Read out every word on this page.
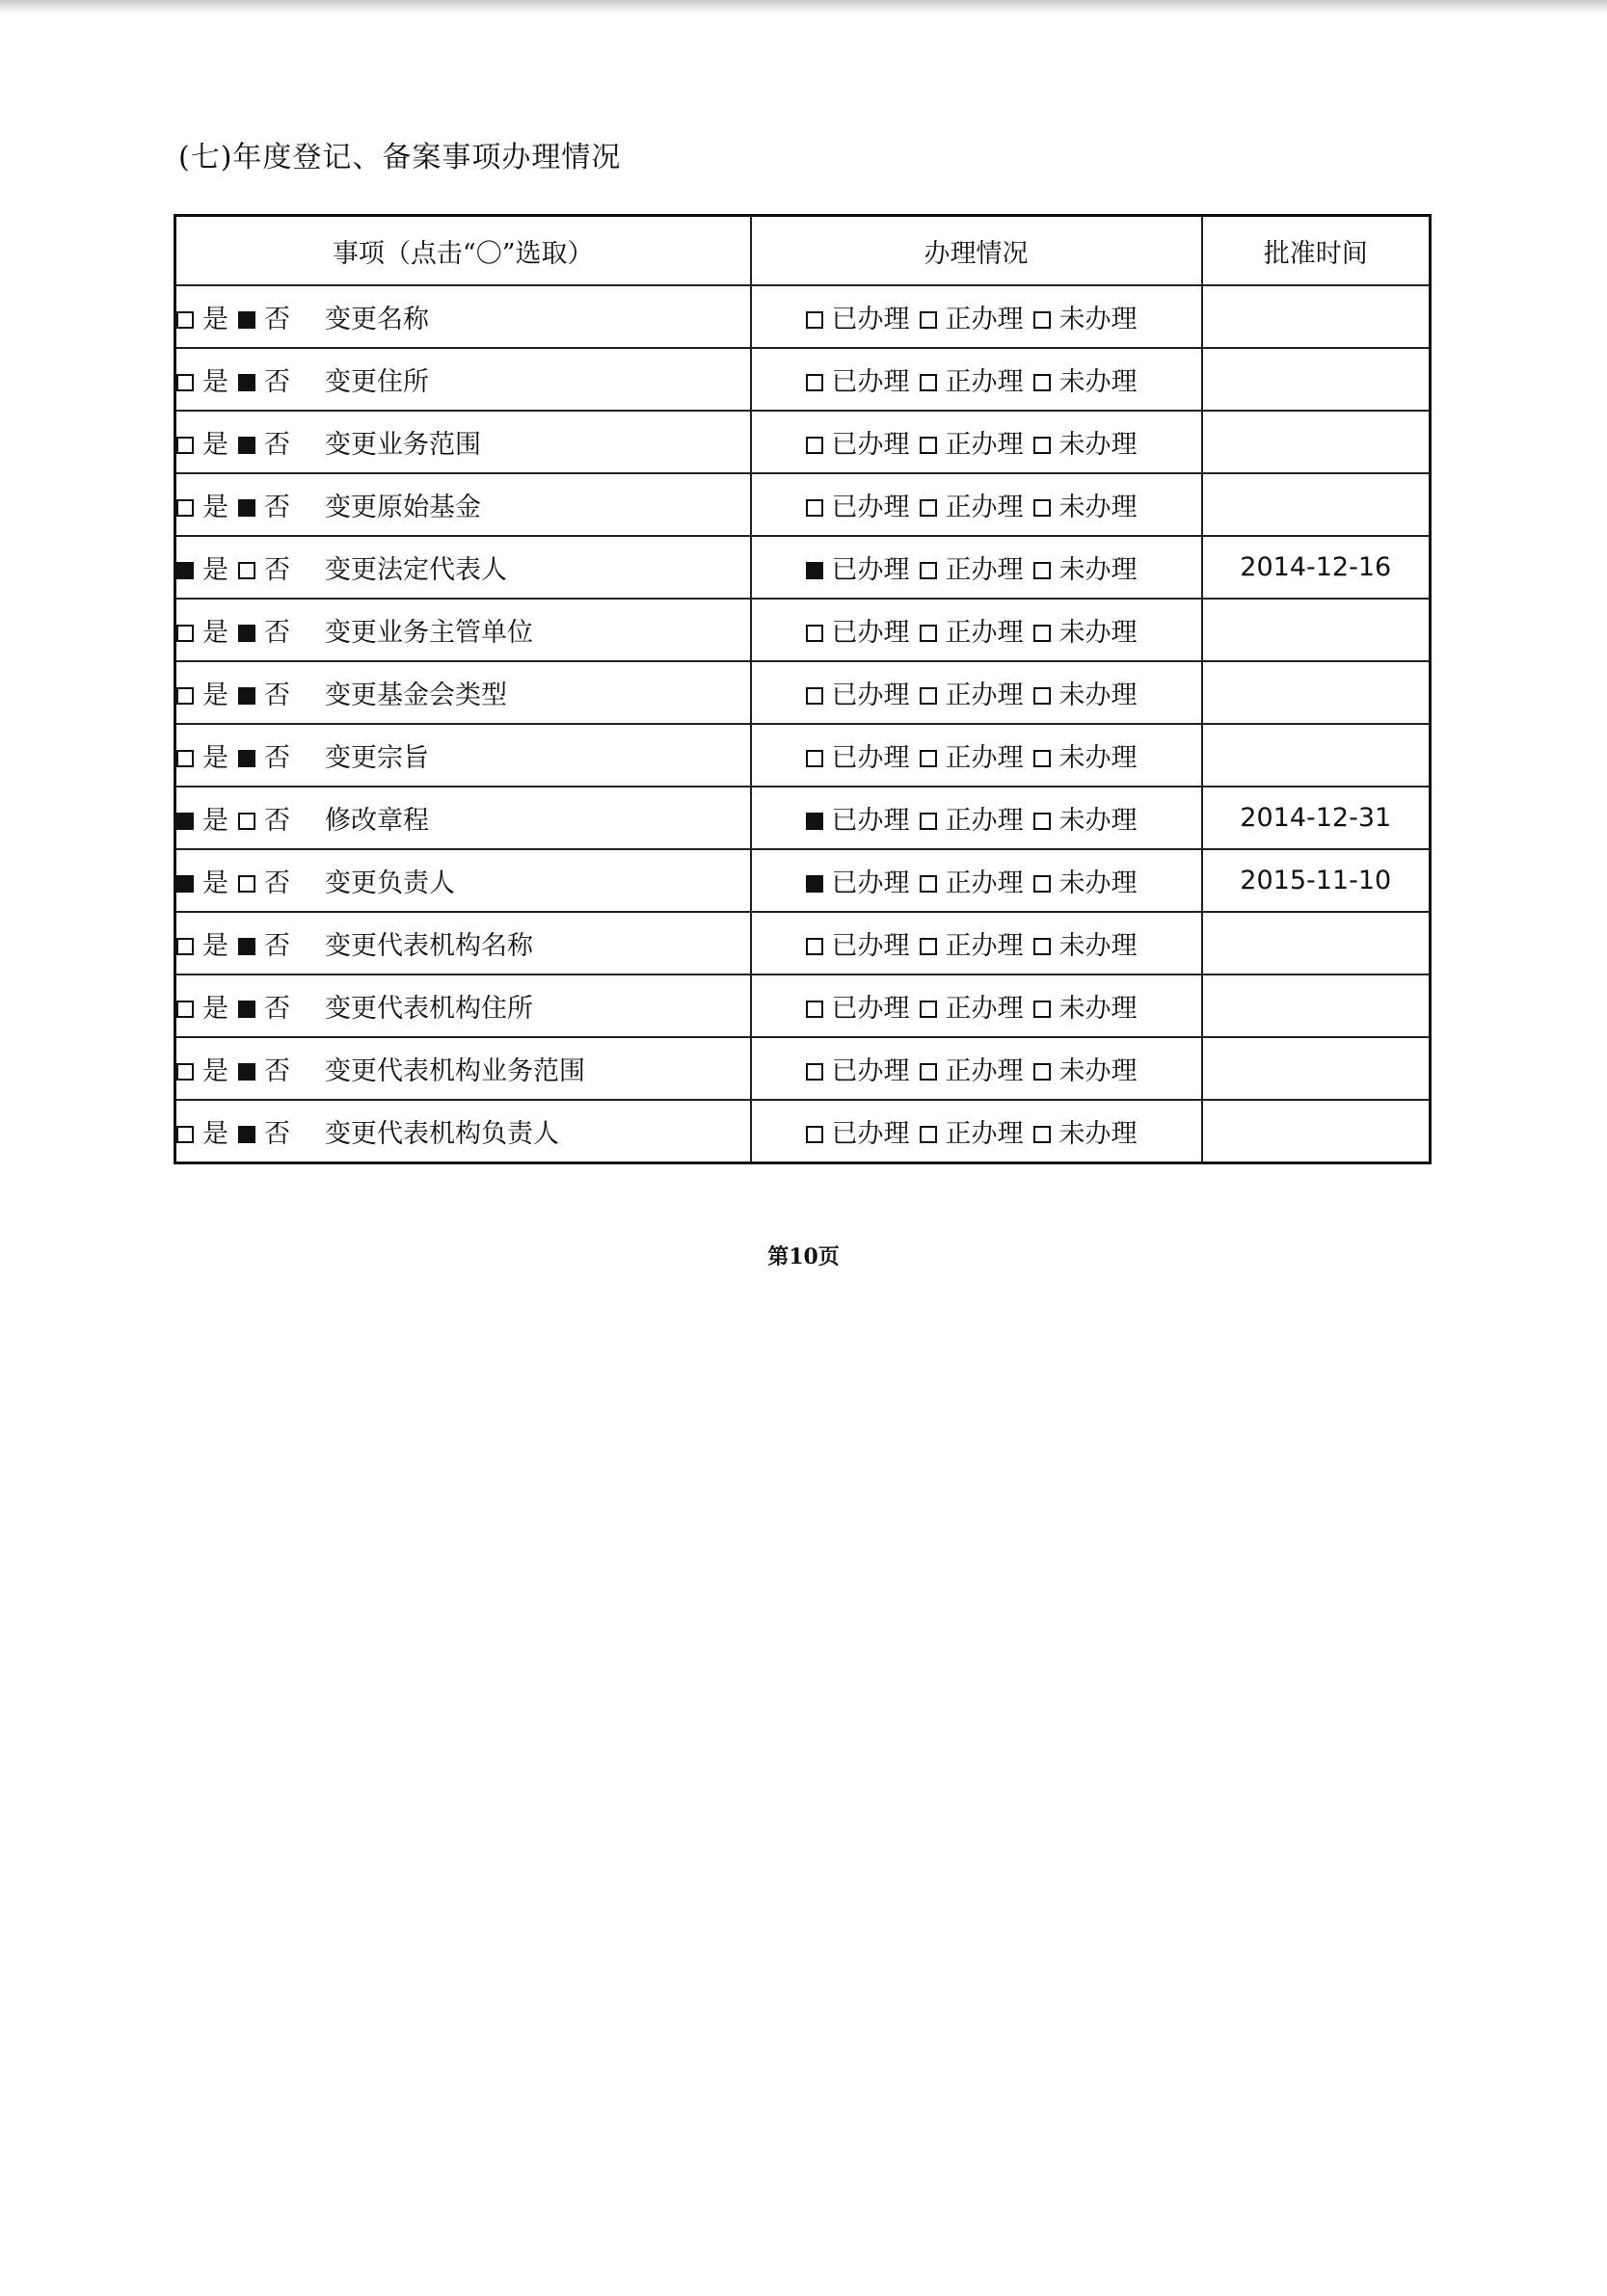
(七)年度登记、备案事项办理情况
事项（点击“〇”选取）	办理情况	批准时间
是 否 变更名称	已办理 正办理 未办理	
是 否 变更住所	已办理 正办理 未办理	
是 否 变更业务范围	已办理 正办理 未办理	
是 否 变更原始基金	已办理 正办理 未办理	
是 否 变更法定代表人	已办理 正办理 未办理	2014-12-16
是 否 变更业务主管单位	已办理 正办理 未办理	
是 否 变更基金会类型	已办理 正办理 未办理	
是 否 变更宗旨	已办理 正办理 未办理	
是 否 修改章程	已办理 正办理 未办理	2014-12-31
是 否 变更负责人	已办理 正办理 未办理	2015-11-10
是 否 变更代表机构名称	已办理 正办理 未办理	
是 否 变更代表机构住所	已办理 正办理 未办理	
是 否 变更代表机构业务范围	已办理 正办理 未办理	
是 否 变更代表机构负责人	已办理 正办理 未办理	
第10页
